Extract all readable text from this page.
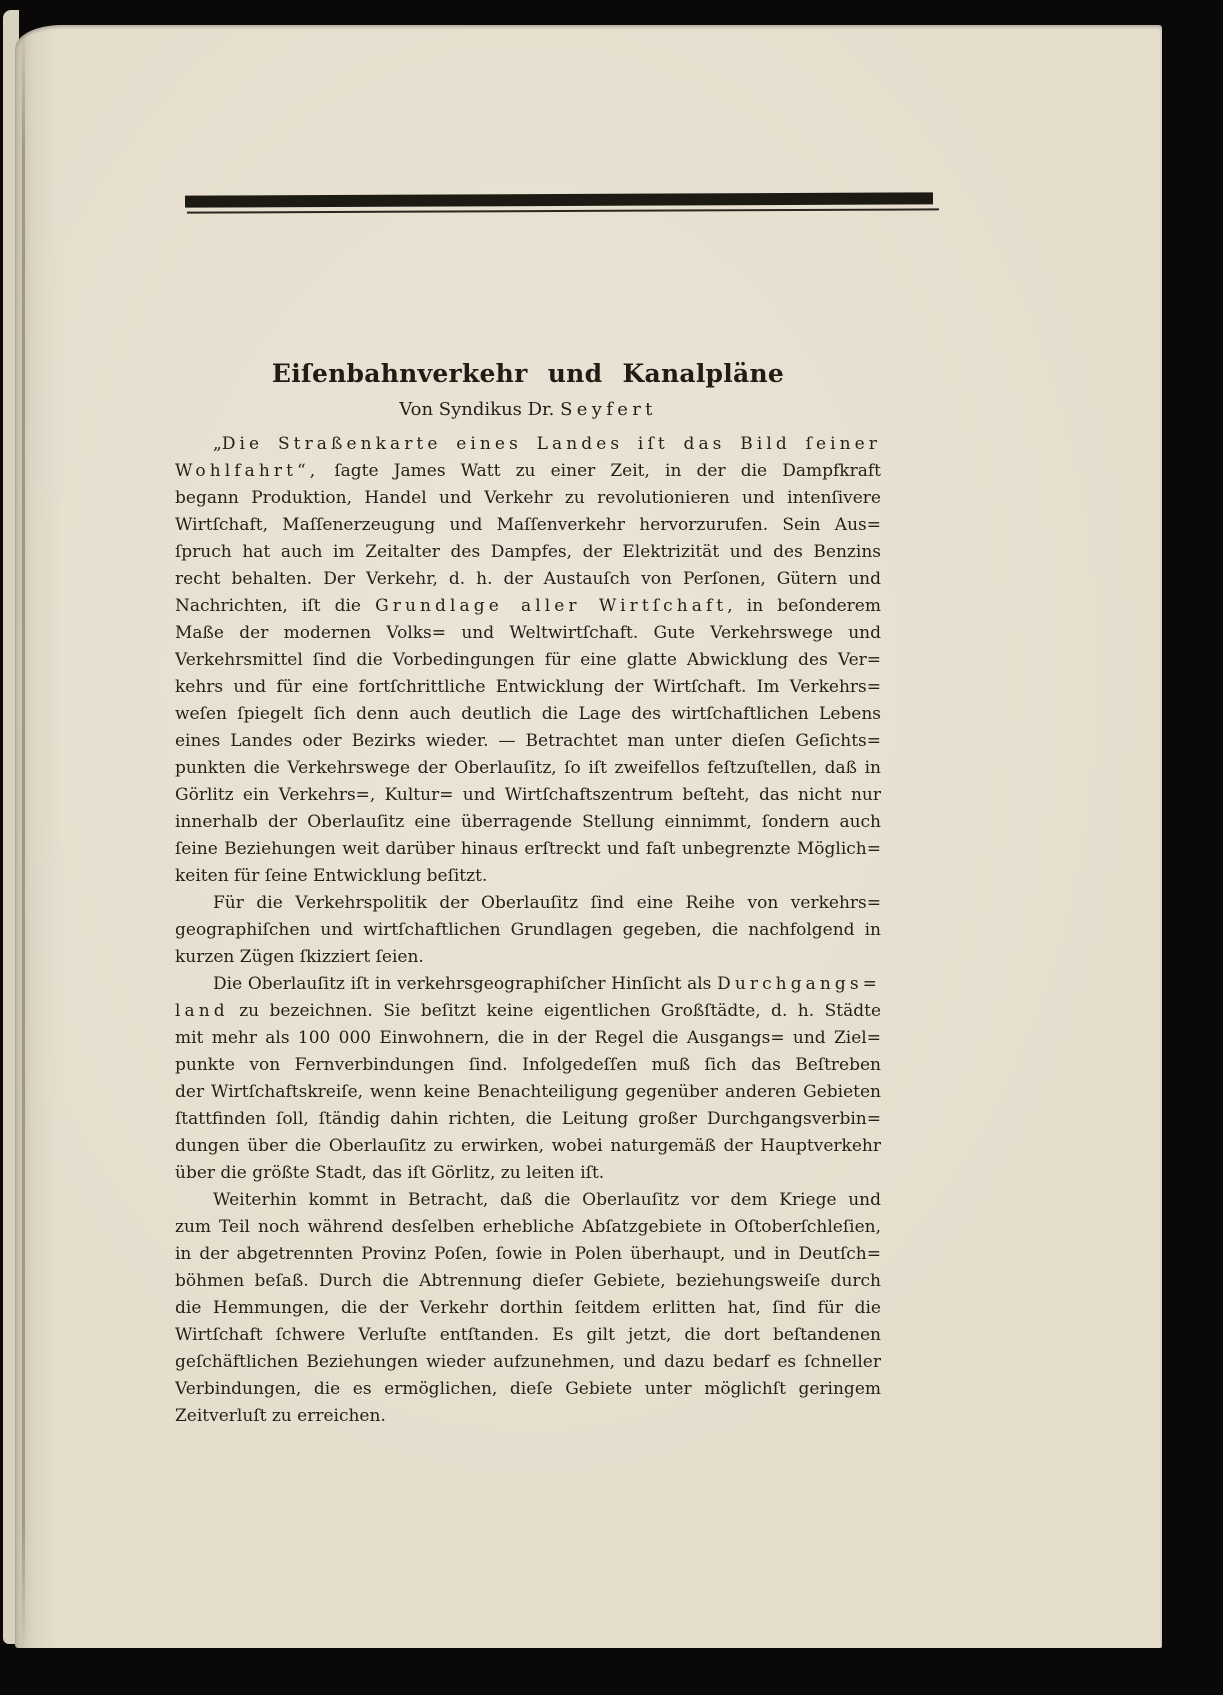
Eiſenbahnverkehr und Kanalpläne
Von Syndikus Dr. Seyfert
„Die Straßenkarte eines Landes iſt das Bild ſeiner
Wohlfahrt“, ſagte James Watt zu einer Zeit, in der die Dampfkraft
begann Produktion, Handel und Verkehr zu revolutionieren und intenſivere
Wirtſchaft, Maſſenerzeugung und Maſſenverkehr hervorzurufen. Sein Aus=
ſpruch hat auch im Zeitalter des Dampfes, der Elektrizität und des Benzins
recht behalten. Der Verkehr, d. h. der Austauſch von Perſonen, Gütern und
Nachrichten, iſt die Grundlage aller Wirtſchaft, in beſonderem
Maße der modernen Volks= und Weltwirtſchaft. Gute Verkehrswege und
Verkehrsmittel ſind die Vorbedingungen für eine glatte Abwicklung des Ver=
kehrs und für eine fortſchrittliche Entwicklung der Wirtſchaft. Im Verkehrs=
weſen ſpiegelt ſich denn auch deutlich die Lage des wirtſchaftlichen Lebens
eines Landes oder Bezirks wieder. — Betrachtet man unter dieſen Geſichts=
punkten die Verkehrswege der Oberlauſitz, ſo iſt zweifellos feſtzuſtellen, daß in
Görlitz ein Verkehrs=, Kultur= und Wirtſchaftszentrum beſteht, das nicht nur
innerhalb der Oberlauſitz eine überragende Stellung einnimmt, ſondern auch
ſeine Beziehungen weit darüber hinaus erſtreckt und faſt unbegrenzte Möglich=
keiten für ſeine Entwicklung beſitzt.
Für die Verkehrspolitik der Oberlauſitz ſind eine Reihe von verkehrs=
geographiſchen und wirtſchaftlichen Grundlagen gegeben, die nachfolgend in
kurzen Zügen ſkizziert ſeien.
Die Oberlauſitz iſt in verkehrsgeographiſcher Hinſicht als Durchgangs=
land zu bezeichnen. Sie beſitzt keine eigentlichen Großſtädte, d. h. Städte
mit mehr als 100 000 Einwohnern, die in der Regel die Ausgangs= und Ziel=
punkte von Fernverbindungen ſind. Infolgedeſſen muß ſich das Beſtreben
der Wirtſchaftskreiſe, wenn keine Benachteiligung gegenüber anderen Gebieten
ſtattfinden ſoll, ſtändig dahin richten, die Leitung großer Durchgangsverbin=
dungen über die Oberlauſitz zu erwirken, wobei naturgemäß der Hauptverkehr
über die größte Stadt, das iſt Görlitz, zu leiten iſt.
Weiterhin kommt in Betracht, daß die Oberlauſitz vor dem Kriege und
zum Teil noch während desſelben erhebliche Abſatzgebiete in Oſtoberſchleſien,
in der abgetrennten Provinz Poſen, ſowie in Polen überhaupt, und in Deutſch=
böhmen beſaß. Durch die Abtrennung dieſer Gebiete, beziehungsweiſe durch
die Hemmungen, die der Verkehr dorthin ſeitdem erlitten hat, ſind für die
Wirtſchaft ſchwere Verluſte entſtanden. Es gilt jetzt, die dort beſtandenen
geſchäftlichen Beziehungen wieder aufzunehmen, und dazu bedarf es ſchneller
Verbindungen, die es ermöglichen, dieſe Gebiete unter möglichſt geringem
Zeitverluſt zu erreichen.
